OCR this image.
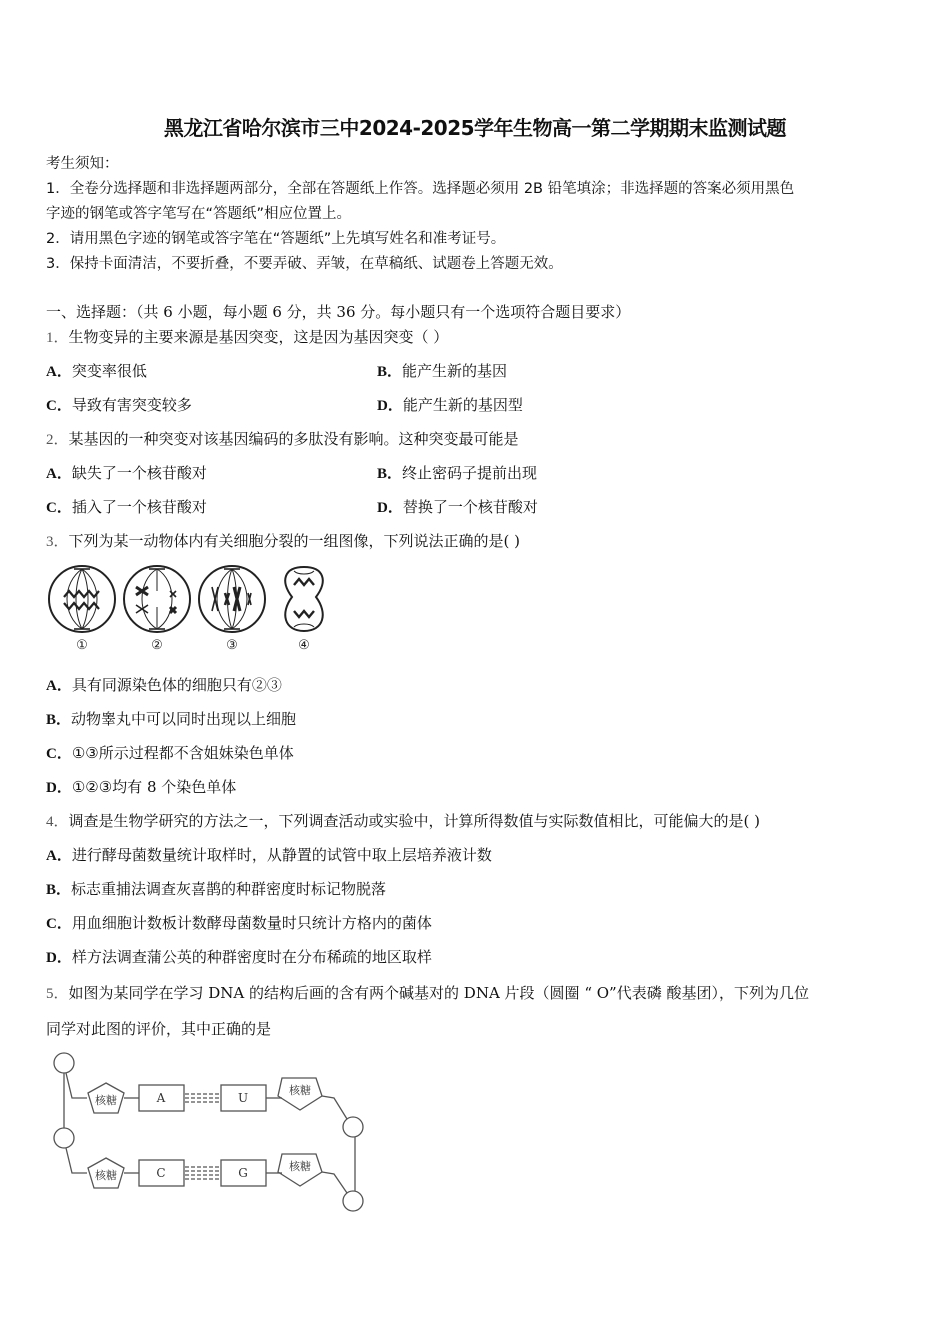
黑龙江省哈尔滨市三中2024-2025学年生物高一第二学期期末监测试题
考生须知：
1．全卷分选择题和非选择题两部分，全部在答题纸上作答。选择题必须用 2B 铅笔填涂；非选择题的答案必须用黑色
字迹的钢笔或答字笔写在“答题纸”相应位置上。
2．请用黑色字迹的钢笔或答字笔在“答题纸”上先填写姓名和准考证号。
3．保持卡面清洁，不要折叠，不要弄破、弄皱，在草稿纸、试题卷上答题无效。
一、选择题：（共 6 小题，每小题 6 分，共 36 分。每小题只有一个选项符合题目要求）
1．生物变异的主要来源是基因突变，这是因为基因突变（ ）
A．突变率很低	B．能产生新的基因
C．导致有害突变较多	D．能产生新的基因型
2．某基因的一种突变对该基因编码的多肽没有影响。这种突变最可能是
A．缺失了一个核苷酸对	B．终止密码子提前出现
C．插入了一个核苷酸对	D．替换了一个核苷酸对
3．下列为某一动物体内有关细胞分裂的一组图像，下列说法正确的是( )
①	②	③	④
A．具有同源染色体的细胞只有②③
B．动物睾丸中可以同时出现以上细胞
C．①③所示过程都不含姐妹染色单体
D．①②③均有 8 个染色单体
4．调查是生物学研究的方法之一，下列调查活动或实验中，计算所得数值与实际数值相比，可能偏大的是( )
A．进行酵母菌数量统计取样时，从静置的试管中取上层培养液计数
B．标志重捕法调查灰喜鹊的种群密度时标记物脱落
C．用血细胞计数板计数酵母菌数量时只统计方格内的菌体
D．样方法调查蒲公英的种群密度时在分布稀疏的地区取样
5．如图为某同学在学习 DNA 的结构后画的含有两个碱基对的 DNA 片段（圆圈 “ O”代表磷 酸基团），下列为几位
同学对此图的评价，其中正确的是
核糖
核糖
核糖
核糖
A	U
C	G
